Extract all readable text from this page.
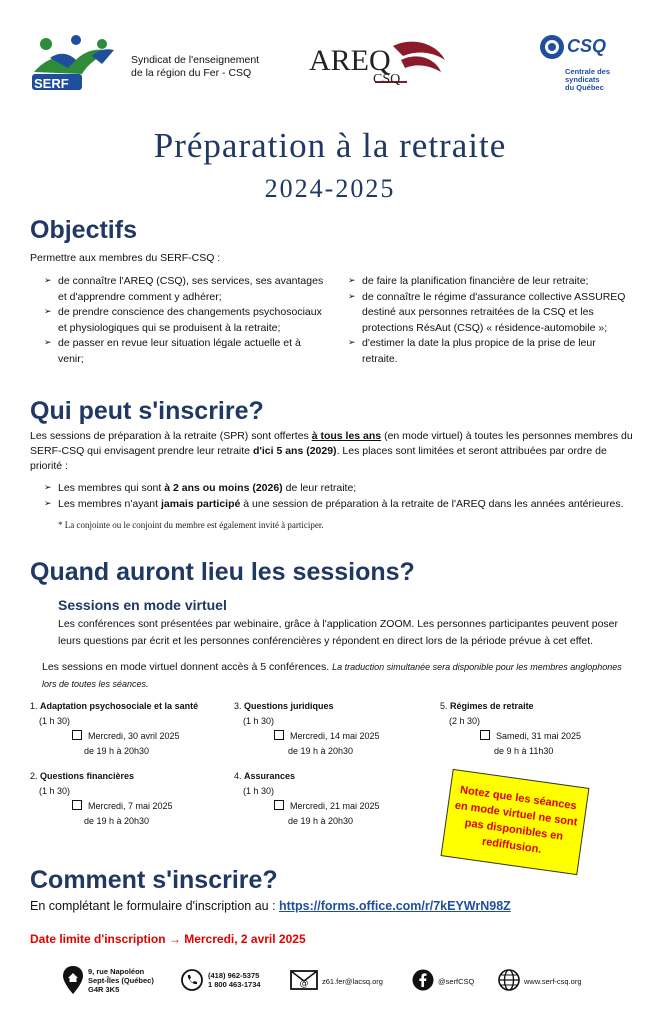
SERF
Syndicat de l'enseignement
de la région du Fer - CSQ AREQ
CSQ
CSQ
Centrale des syndicats
du Québec
Préparation à la retraite
2024-2025
Objectifs
Permettre aux membres du SERF-CSQ :
➢ de connaître l'AREQ (CSQ), ses services, ses avantages et d'apprendre comment y adhérer;
➢ de prendre conscience des changements psychosociaux et physiologiques qui se produisent à la retraite;
➢ de passer en revue leur situation légale actuelle et à venir;
➢ de faire la planification financière de leur retraite;
➢ de connaître le régime d'assurance collective ASSUREQ destiné aux personnes retraitées de la CSQ et les protections RésAut (CSQ) « résidence-automobile »;
➢ d'estimer la date la plus propice de la prise de leur retraite.
Qui peut s'inscrire?
Les sessions de préparation à la retraite (SPR) sont offertes à tous les ans (en mode virtuel) à toutes les personnes membres du SERF-CSQ qui envisagent prendre leur retraite d'ici 5 ans (2029). Les places sont limitées et seront attribuées par ordre de priorité :
➢ Les membres qui sont à 2 ans ou moins (2026) de leur retraite;
➢ Les membres n'ayant jamais participé à une session de préparation à la retraite de l'AREQ dans les années antérieures.
* La conjointe ou le conjoint du membre est également invité à participer.
Quand auront lieu les sessions?
Sessions en mode virtuel
Les conférences sont présentées par webinaire, grâce à l'application ZOOM. Les personnes participantes peuvent poser leurs questions par écrit et les personnes conférencières y répondent en direct lors de la période prévue à cet effet.
Les sessions en mode virtuel donnent accès à 5 conférences. La traduction simultanée sera disponible pour les membres anglophones lors de toutes les séances.
1. Adaptation psychosociale et la santé
(1 h 30)
Mercredi, 30 avril 2025
de 19 h à 20h30
3. Questions juridiques
(1 h 30)
Mercredi, 14 mai 2025
de 19 h à 20h30
5. Régimes de retraite
(2 h 30)
Samedi, 31 mai 2025
de 9 h à 11h30
2. Questions financières
(1 h 30)
Mercredi, 7 mai 2025
de 19 h à 20h30
4. Assurances
(1 h 30)
Mercredi, 21 mai 2025
de 19 h à 20h30
Notez que les séances en mode virtuel ne sont pas disponibles en rediffusion.
Comment s'inscrire?
En complétant le formulaire d'inscription au : https://forms.office.com/r/7kEYWrN98Z
Date limite d'inscription → Mercredi, 2 avril 2025
9, rue Napoléon
Sept-Îles (Québec)
G4R 3K5
(418) 962-5375
1 800 463-1734	@ z61.fer@lacsq.org	@serfCSQ	www.serf-csq.org
